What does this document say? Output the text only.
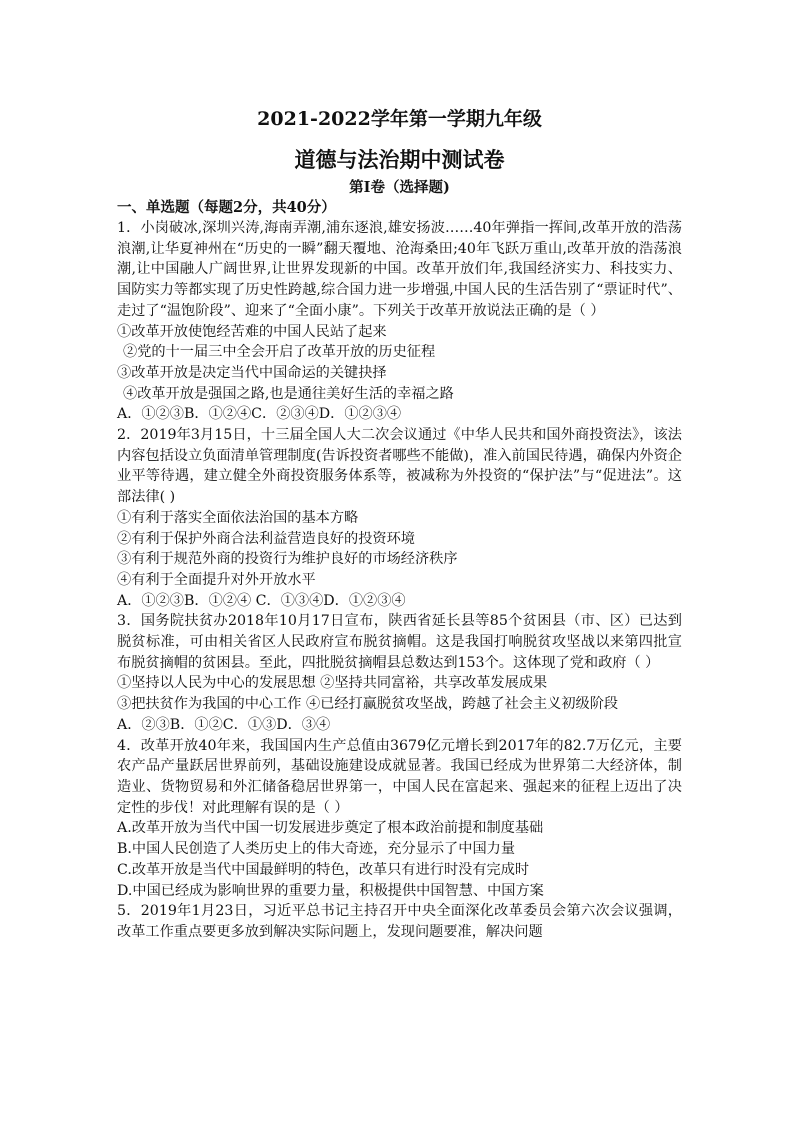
2021-2022学年第一学期九年级
道德与法治期中测试卷
第I卷（选择题)
一、单选题（每题2分，共40分）
1．小岗破冰,深圳兴涛,海南弄潮,浦东逐浪,雄安扬波……40年弹指一挥间,改革开放的浩荡浪潮,让华夏神州在“历史的一瞬”翻天覆地、沧海桑田;40年飞跃万重山,改革开放的浩荡浪潮,让中国融人广阔世界,让世界发现新的中国。改革开放们年,我国经济实力、科技实力、国防实力等都实现了历史性跨越,综合国力进一步增强,中国人民的生活告别了“票证时代”、走过了“温饱阶段”、迎来了“全面小康”。下列关于改革开放说法正确的是（ ）
①改革开放使饱经苦难的中国人民站了起来
②党的十一届三中全会开启了改革开放的历史征程
③改革开放是决定当代中国命运的关键抉择
④改革开放是强国之路,也是通往美好生活的幸福之路
A．①②③B．①②④C．②③④D．①②③④
2．2019年3月15日，十三届全国人大二次会议通过《中华人民共和国外商投资法》，该法内容包括设立负面清单管理制度(告诉投资者哪些不能做)，准入前国民待遇，确保内外资企业平等待遇，建立健全外商投资服务体系等，被减称为外投资的“保护法”与“促进法”。这部法律( )
①有利于落实全面依法治国的基本方略
②有利于保护外商合法利益营造良好的投资环境
③有利于规范外商的投资行为维护良好的市场经济秩序
④有利于全面提升对外开放水平
A．①②③B．①②④ C．①③④D．①②③④
3．国务院扶贫办2018年10月17日宣布，陕西省延长县等85个贫困县（市、区）已达到脱贫标准，可由相关省区人民政府宣布脱贫摘帽。这是我国打响脱贫攻坚战以来第四批宣布脱贫摘帽的贫困县。至此，四批脱贫摘帽县总数达到153个。这体现了党和政府（ ）
①坚持以人民为中心的发展思想 ②坚持共同富裕，共享改革发展成果
③把扶贫作为我国的中心工作 ④已经打赢脱贫攻坚战，跨越了社会主义初级阶段
A．②③B．①②C．①③D．③④
4．改革开放40年来，我国国内生产总值由3679亿元增长到2017年的82.7万亿元，主要农产品产量跃居世界前列，基础设施建设成就显著。我国已经成为世界第二大经济体，制造业、货物贸易和外汇储备稳居世界第一，中国人民在富起来、强起来的征程上迈出了决定性的步伐！对此理解有误的是（ ）
A.改革开放为当代中国一切发展进步奠定了根本政治前提和制度基础
B.中国人民创造了人类历史上的伟大奇迹，充分显示了中国力量
C.改革开放是当代中国最鲜明的特色，改革只有进行时没有完成时
D.中国已经成为影响世界的重要力量，积极提供中国智慧、中国方案
5．2019年1月23日，习近平总书记主持召开中央全面深化改革委员会第六次会议强调，改革工作重点要更多放到解决实际问题上，发现问题要准，解决问题
